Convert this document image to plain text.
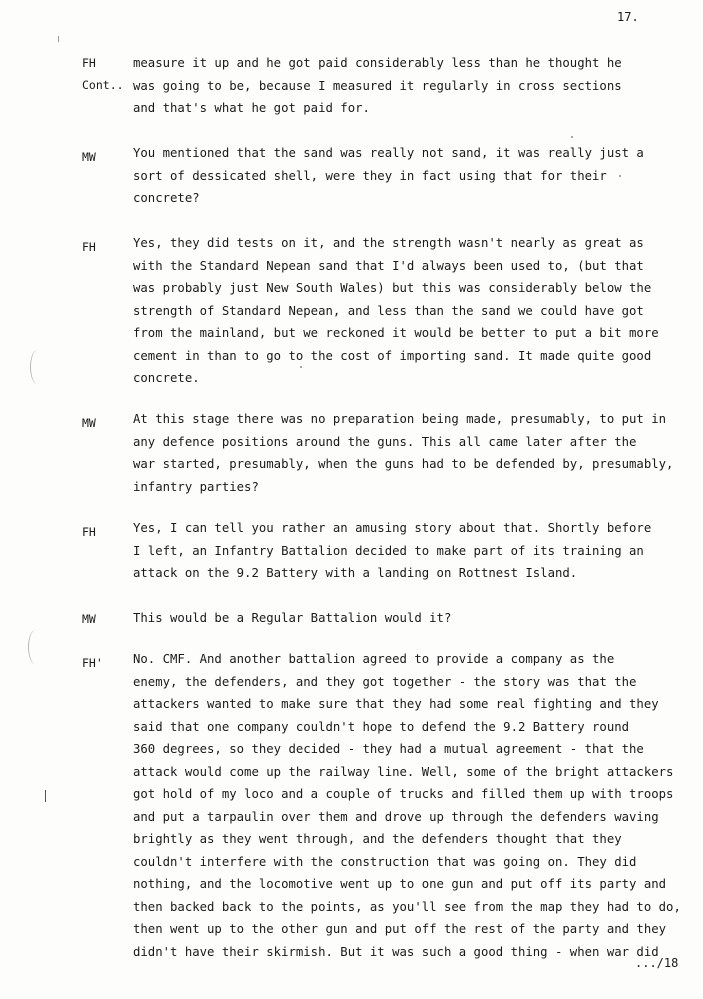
17.
FH
Cont..
measure it up and he got paid considerably less than he thought he
was going to be, because I measured it regularly in cross sections
and that's what he got paid for.
MW	You mentioned that the sand was really not sand, it was really just a
sort of dessicated shell, were they in fact using that for their
concrete?
FH	Yes, they did tests on it, and the strength wasn't nearly as great as
with the Standard Nepean sand that I'd always been used to, (but that
was probably just New South Wales) but this was considerably below the
strength of Standard Nepean, and less than the sand we could have got
from the mainland, but we reckoned it would be better to put a bit more
cement in than to go to the cost of importing sand. It made quite good
concrete.
MW	At this stage there was no preparation being made, presumably, to put in
any defence positions around the guns. This all came later after the
war started, presumably, when the guns had to be defended by, presumably,
infantry parties?
FH	Yes, I can tell you rather an amusing story about that. Shortly before
I left, an Infantry Battalion decided to make part of its training an
attack on the 9.2 Battery with a landing on Rottnest Island.
MW	This would be a Regular Battalion would it?
FH' No. CMF. And another battalion agreed to provide a company as the
enemy, the defenders, and they got together - the story was that the
attackers wanted to make sure that they had some real fighting and they
said that one company couldn't hope to defend the 9.2 Battery round
360 degrees, so they decided - they had a mutual agreement - that the
attack would come up the railway line. Well, some of the bright attackers
got hold of my loco and a couple of trucks and filled them up with troops
and put a tarpaulin over them and drove up through the defenders waving
brightly as they went through, and the defenders thought that they
couldn't interfere with the construction that was going on. They did
nothing, and the locomotive went up to one gun and put off its party and
then backed back to the points, as you'll see from the map they had to do,
then went up to the other gun and put off the rest of the party and they
didn't have their skirmish. But it was such a good thing - when war did
.../18
